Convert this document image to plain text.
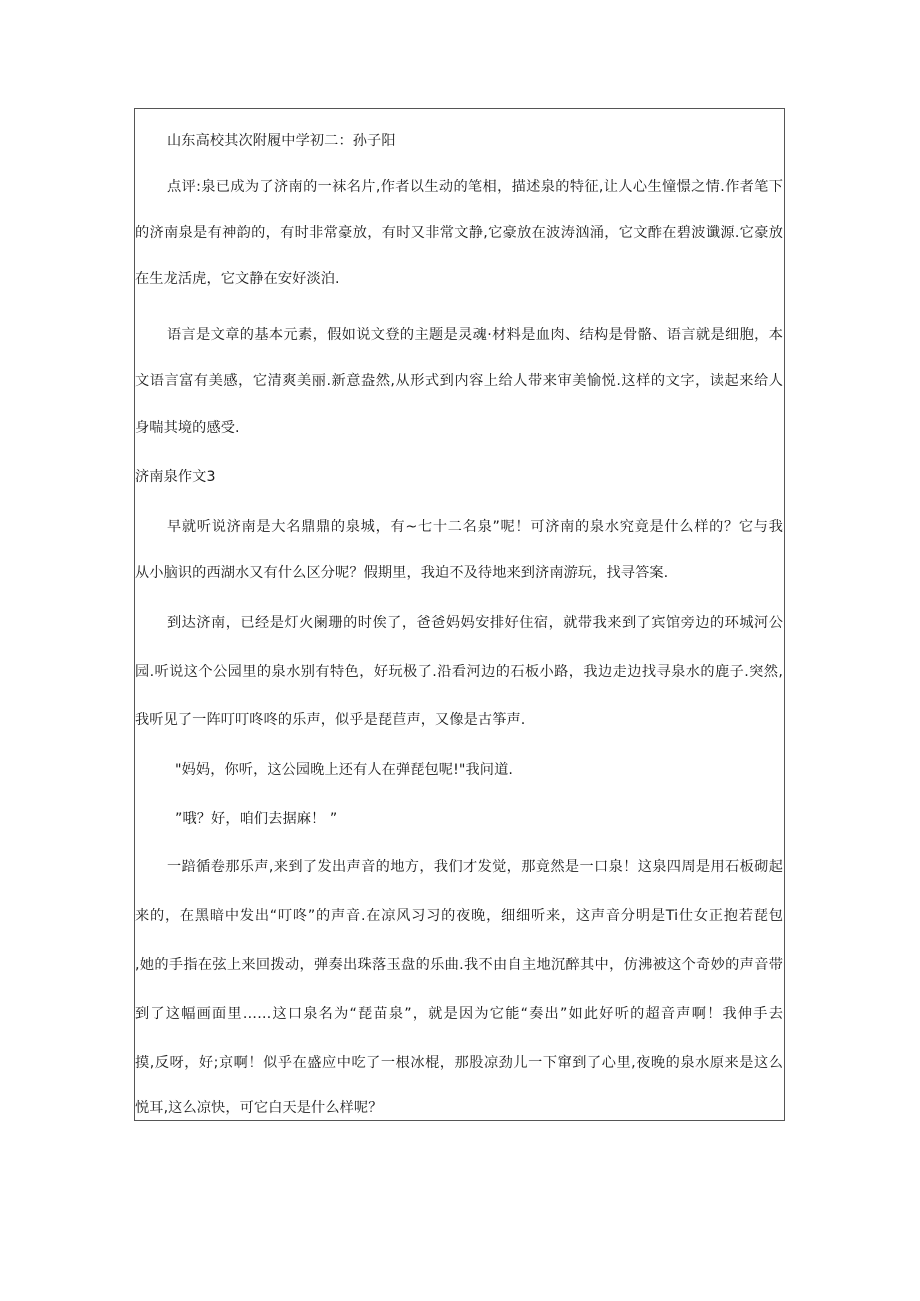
山东高校其次附履中学初二：孙子阳
点评:泉已成为了济南的一袜名片,作者以生动的笔相，描述泉的特征,让人心生憧憬之情.作者笔下
的济南泉是有神韵的，有时非常豪放，有时又非常文静,它豪放在波涛汹涌，它文酢在碧波谶源.它豪放
在生龙活虎，它文静在安好淡泊.
语言是文章的基本元素，假如说文登的主题是灵魂·材料是血肉、结构是骨骼、语言就是细胞，本
文语言富有美感，它清爽美丽.新意盎然,从形式到内容上给人带来审美愉悦.这样的文字，读起来给人
身喘其境的感受.
济南泉作文3
早就听说济南是大名鼎鼎的泉城，有~七十二名泉”呢！可济南的泉水究竟是什么样的？它与我
从小脑识的西湖水又有什么区分呢？假期里，我迫不及待地来到济南游玩，找寻答案.
到达济南，已经是灯火阑珊的时俟了，爸爸妈妈安排好住宿，就带我来到了宾馆旁边的环城河公
园.听说这个公园里的泉水别有特色，好玩极了.沿看河边的石板小路，我边走边找寻泉水的鹿子.突然,
我听见了一阵叮叮咚咚的乐声，似乎是琵苣声，又像是古筝声.
"妈妈，你听，这公园晚上还有人在弹琵包呢!"我问道.
”哦？好，咱们去据麻！ ”
一踣循卷那乐声,来到了发出声音的地方，我们才发觉，那竟然是一口泉！这泉四周是用石板砌起
来的，在黑暗中发出“叮咚”的声音.在凉风习习的夜晚，细细听来，这声音分明是Ti仕女正抱若琵包
,她的手指在弦上来回拨动，弹奏出珠落玉盘的乐曲.我不由自主地沉醉其中，仿沸被这个奇妙的声音带
到了这幅画面里……这口泉名为“琵苗泉”，就是因为它能“奏出”如此好听的超音声啊！我伸手去
摸,反呀，好;京啊！似乎在盛应中吃了一根冰棍，那股凉劲儿一下窜到了心里,夜晚的泉水原来是这么
悦耳,这么凉快，可它白天是什么样呢？
